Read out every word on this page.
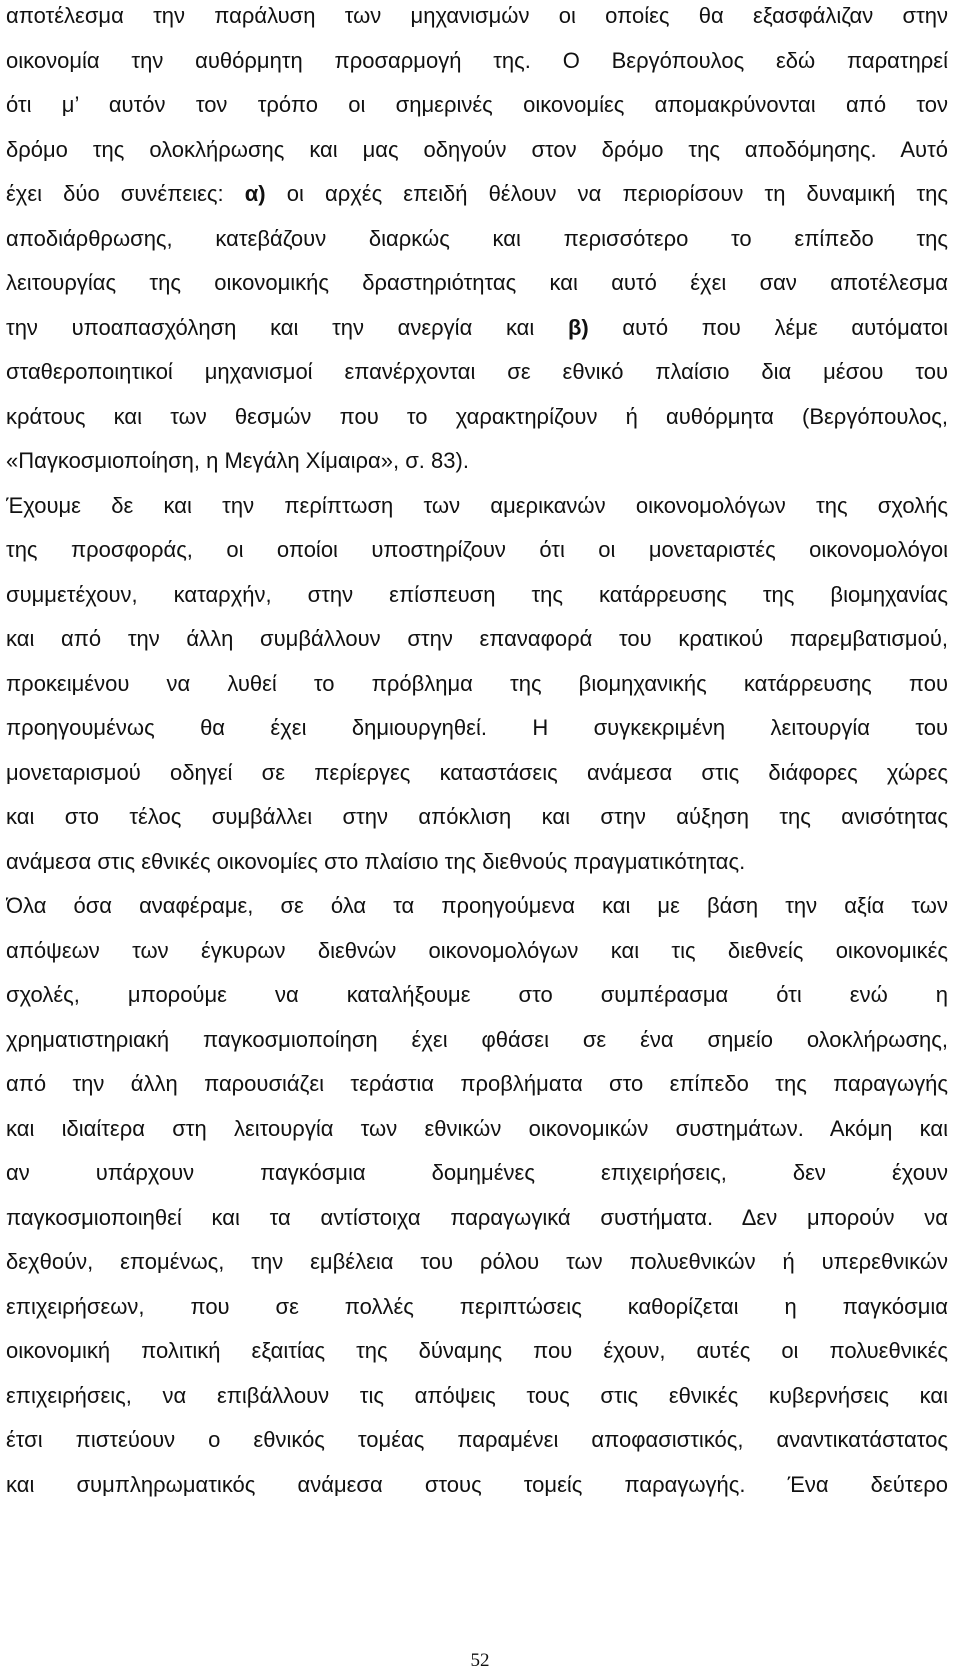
αποτέλεσμα την παράλυση των μηχανισμών οι οποίες θα εξασφάλιζαν στην
οικονομία την αυθόρμητη προσαρμογή της. Ο Βεργόπουλος εδώ παρατηρεί
ότι μ’ αυτόν τον τρόπο οι σημερινές οικονομίες απομακρύνονται από τον
δρόμο της ολοκλήρωσης και μας οδηγούν στον δρόμο της αποδόμησης. Αυτό
έχει δύο συνέπειες: α) οι αρχές επειδή θέλουν να περιορίσουν τη δυναμική της
αποδιάρθρωσης, κατεβάζουν διαρκώς και περισσότερο το επίπεδο της
λειτουργίας της οικονομικής δραστηριότητας και αυτό έχει σαν αποτέλεσμα
την υποαπασχόληση και την ανεργία και β) αυτό που λέμε αυτόματοι
σταθεροποιητικοί μηχανισμοί επανέρχονται σε εθνικό πλαίσιο δια μέσου του
κράτους και των θεσμών που το χαρακτηρίζουν ή αυθόρμητα (Βεργόπουλος,
«Παγκοσμιοποίηση, η Μεγάλη Χίμαιρα», σ. 83).
Έχουμε δε και την περίπτωση των αμερικανών οικονομολόγων της σχολής
της προσφοράς, οι οποίοι υποστηρίζουν ότι οι μονεταριστές οικονομολόγοι
συμμετέχουν, καταρχήν, στην επίσπευση της κατάρρευσης της βιομηχανίας
και από την άλλη συμβάλλουν στην επαναφορά του κρατικού παρεμβατισμού,
προκειμένου να λυθεί το πρόβλημα της βιομηχανικής κατάρρευσης που
προηγουμένως θα έχει δημιουργηθεί. Η συγκεκριμένη λειτουργία του
μονεταρισμού οδηγεί σε περίεργες καταστάσεις ανάμεσα στις διάφορες χώρες
και στο τέλος συμβάλλει στην απόκλιση και στην αύξηση της ανισότητας
ανάμεσα στις εθνικές οικονομίες στο πλαίσιο της διεθνούς πραγματικότητας.
Όλα όσα αναφέραμε, σε όλα τα προηγούμενα και με βάση την αξία των
απόψεων των έγκυρων διεθνών οικονομολόγων και τις διεθνείς οικονομικές
σχολές, μπορούμε να καταλήξουμε στο συμπέρασμα ότι ενώ η
χρηματιστηριακή παγκοσμιοποίηση έχει φθάσει σε ένα σημείο ολοκλήρωσης,
από την άλλη παρουσιάζει τεράστια προβλήματα στο επίπεδο της παραγωγής
και ιδιαίτερα στη λειτουργία των εθνικών οικονομικών συστημάτων. Ακόμη και
αν υπάρχουν παγκόσμια δομημένες επιχειρήσεις, δεν έχουν
παγκοσμιοποιηθεί και τα αντίστοιχα παραγωγικά συστήματα. Δεν μπορούν να
δεχθούν, επομένως, την εμβέλεια του ρόλου των πολυεθνικών ή υπερεθνικών
επιχειρήσεων, που σε πολλές περιπτώσεις καθορίζεται η παγκόσμια
οικονομική πολιτική εξαιτίας της δύναμης που έχουν, αυτές οι πολυεθνικές
επιχειρήσεις, να επιβάλλουν τις απόψεις τους στις εθνικές κυβερνήσεις και
έτσι πιστεύουν ο εθνικός τομέας παραμένει αποφασιστικός, αναντικατάστατος
και συμπληρωματικός ανάμεσα στους τομείς παραγωγής. Ένα δεύτερο
52
